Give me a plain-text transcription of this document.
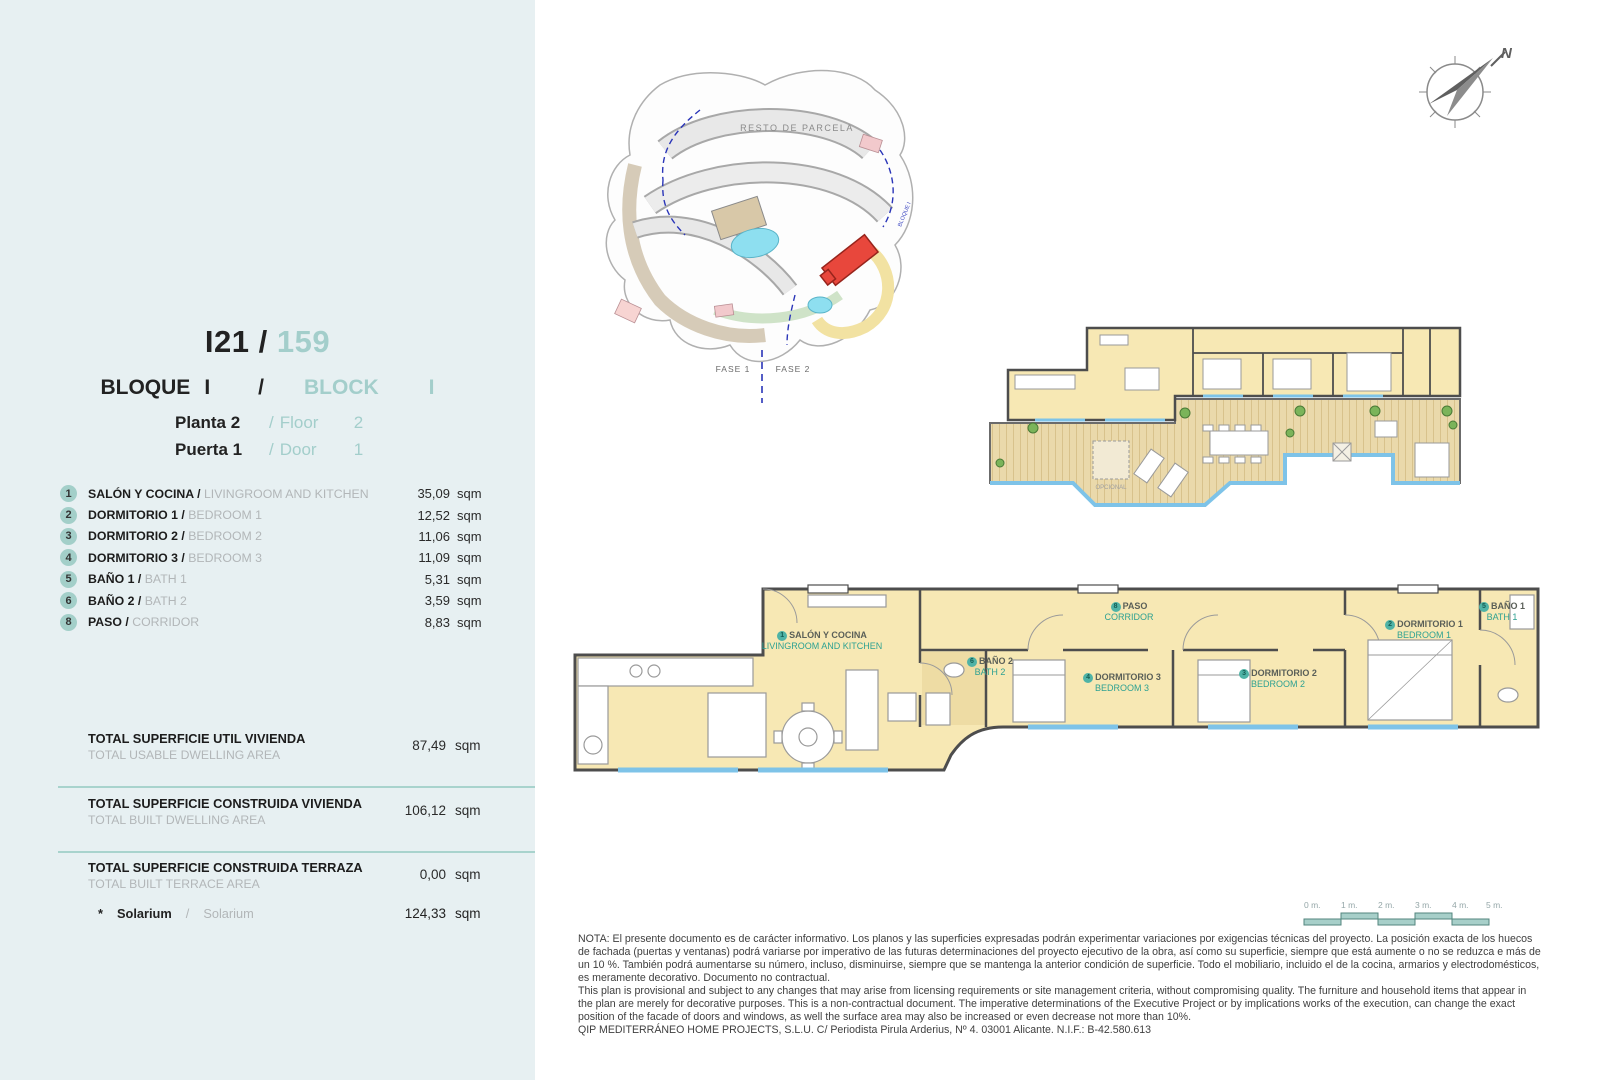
I21 / 159
BLOQUE I / BLOCK I
Planta 2	/ Floor	2
Puerta 1	/ Door	1
1	SALÓN Y COCINA / LIVINGROOM AND KITCHEN	35,09 sqm
2	DORMITORIO 1 / BEDROOM 1	12,52 sqm
3	DORMITORIO 2 / BEDROOM 2	11,06 sqm
4	DORMITORIO 3 / BEDROOM 3	11,09 sqm
5	BAÑO 1 / BATH 1	5,31 sqm
6	BAÑO 2 / BATH 2	3,59 sqm
8	PASO / CORRIDOR	8,83 sqm
TOTAL SUPERFICIE UTIL VIVIENDA
TOTAL USABLE DWELLING AREA
87,49 sqm
TOTAL SUPERFICIE CONSTRUIDA VIVIENDA
TOTAL BUILT DWELLING AREA
106,12 sqm
TOTAL SUPERFICIE CONSTRUIDA TERRAZA
TOTAL BUILT TERRACE AREA
0,00 sqm
* Solarium / Solarium	124,33 sqm
RESTO DE PARCELA
FASE 1	FASE 2
BLOQUE I
N
OPCIONAL
1 SALÓN Y COCINA
LIVINGROOM AND KITCHEN
8 PASO
CORRIDOR
6 BAÑO 2
BATH 2
4 DORMITORIO 3
BEDROOM 3
3 DORMITORIO 2
BEDROOM 2
2 DORMITORIO 1
BEDROOM 1
5 BAÑO 1
BATH 1
0 m. 1 m. 2 m. 3 m. 4 m. 5 m.

NOTA: El presente documento es de carácter informativo. Los planos y las superficies expresadas podrán experimentar variaciones por exigencias técnicas del proyecto. La posición exacta de los huecos de fachada (puertas y ventanas) podrá variarse por imperativo de las futuras determinaciones del proyecto ejecutivo de la obra, así como su superficie, siempre que está aumente o no se reduzca e más de un 10 %. También podrá aumentarse su número, incluso, disminuirse, siempre que se mantenga la anterior condición de superficie. Todo el mobiliario, incluido el de la cocina, armarios y electrodomésticos, es meramente decorativo. Documento no contractual.

This plan is provisional and subject to any changes that may arise from licensing requirements or site management criteria, without compromising quality. The furniture and household items that appear in the plan are merely for decorative purposes. This is a non-contractual document. The imperative determinations of the Executive Project or by implications works of the execution, can change the exact position of the facade of doors and windows, as well the surface area may also be increased or even decrease not more than 10%.

QIP MEDITERRÁNEO HOME PROJECTS, S.L.U. C/ Periodista Pirula Arderius, Nº 4. 03001 Alicante. N.I.F.: B-42.580.613
